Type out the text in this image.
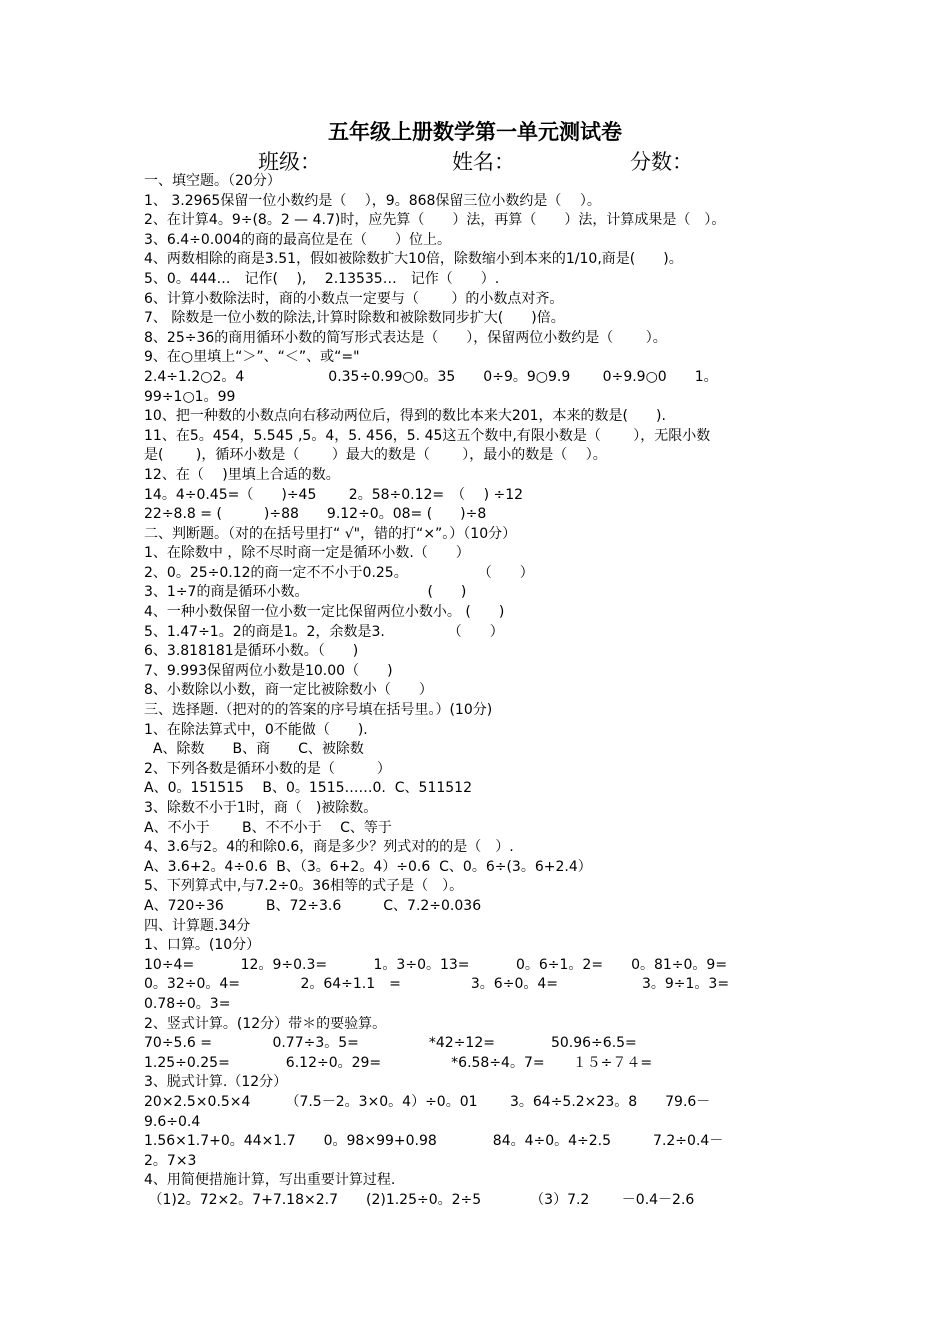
五年级上册数学第一单元测试卷
班级：	姓名：	分数：
一、填空题。（20分）
1、 3.2965保留一位小数约是（　 ），9。868保留三位小数约是（　 ）。
2、在计算4。9÷(8。2 — 4.7)时，应先算（　　）法，再算（　　）法，计算成果是（　）。
3、6.4÷0.004的商的最高位是在（　　）位上。
4、两数相除的商是3.51，假如被除数扩大10倍，除数缩小到本来的1/10,商是(　　)。
5、0。444…　记作(　 ),　 2.13535…　记作（　　）.
6、计算小数除法时，商的小数点一定要与（　　 ）的小数点对齐。
7、 除数是一位小数的除法,计算时除数和被除数同步扩大(　　)倍。
8、25÷36的商用循环小数的简写形式表达是（　　），保留两位小数约是（　　 ）。
9、在○里填上“＞”、“＜”、或“="
2.4÷1.2○2。4　　　　　　0.35÷0.99○0。35　　0÷9。9○9.9　　 0÷9.9○0　　1。
99÷1○1。99
10、把一种数的小数点向右移动两位后，得到的数比本来大201，本来的数是(　　).
11、在5。454，5.545 ,5。4，5. 456，5. 45这五个数中,有限小数是（　　 ），无限小数
是(　　 )，循环小数是（　　 ）最大的数是（　　 ），最小的数是（　 ）。
12、在（　 )里填上合适的数。
14。4÷0.45=（　　)÷45　　 2。58÷0.12=　（　 ) ÷12
22÷8.8 = (　　　)÷88　　9.12÷0。08= (　　)÷8
二、判断题。（对的在括号里打“ √"，错的打“×”。）（10分）
1、在除数中 ，除不尽时商一定是循环小数.（　　）
2、0。25÷0.12的商一定不不小于0.25。　　　　　　（　　）
3、1÷7的商是循环小数。　　　　　　　　　(　　)
4、一种小数保留一位小数一定比保留两位小数小。 (　　)
5、1.47÷1。2的商是1。2，余数是3.　　　　　（　　）
6、3.818181是循环小数。（　　)
7、9.993保留两位小数是10.00（　　)
8、小数除以小数，商一定比被除数小（　　）
三、选择题.（把对的的答案的序号填在括号里。）(10分)
1、在除法算式中，0不能做（　　).
A、除数　　B、商　　C、被除数
2、下列各数是循环小数的是（　　　）
A、0。151515　 B、0。1515……0.  C、511512
3、除数不小于1时，商（　)被除数。
A、不小于　　 B、不不小于　 C、等于
4、3.6与2。4的和除0.6，商是多少？列式对的的是（　）.
A、3.6+2。4÷0.6  B、（3。6+2。4）÷0.6  C、0。6÷(3。6+2.4）
5、下列算式中,与7.2÷0。36相等的式子是（　）。
A、720÷36　　　B、72÷3.6　　　C、7.2÷0.036
四、计算题.34分
1、口算。(10分）
10÷4=　　　 12。9÷0.3=　　　 1。3÷0。13=　　　 0。6÷1。2=　　0。81÷0。9=
0。32÷0。4=　　　　 2。64÷1.1　=　　　　　3。6÷0。4=　　　　　　3。9÷1。3=
0.78÷0。3=
2、竖式计算。(12分）带＊的要验算。
70÷5.6 =　　　　 0.77÷3。5=　　　　　*42÷12=　　　　50.96÷6.5=
1.25÷0.25=　　　　6.12÷0。29=　　　　　*6.58÷4。7=　　１５÷７４=
3、脱式计算.（12分）
20×2.5×0.5×4　　　（7.5－2。3×0。4）÷0。01　　 3。64÷5.2×23。8　　79.6－
9.6÷0.4
1.56×1.7+0。44×1.7　　0。98×99+0.98　　　　84。4÷0。4÷2.5　　　7.2÷0.4－
2。7×3
4、用简便措施计算，写出重要计算过程.
（1)2。72×2。7+7.18×2.7　　(2)1.25÷0。2÷5　　　　（3）7.2　　 －0.4－2.6
